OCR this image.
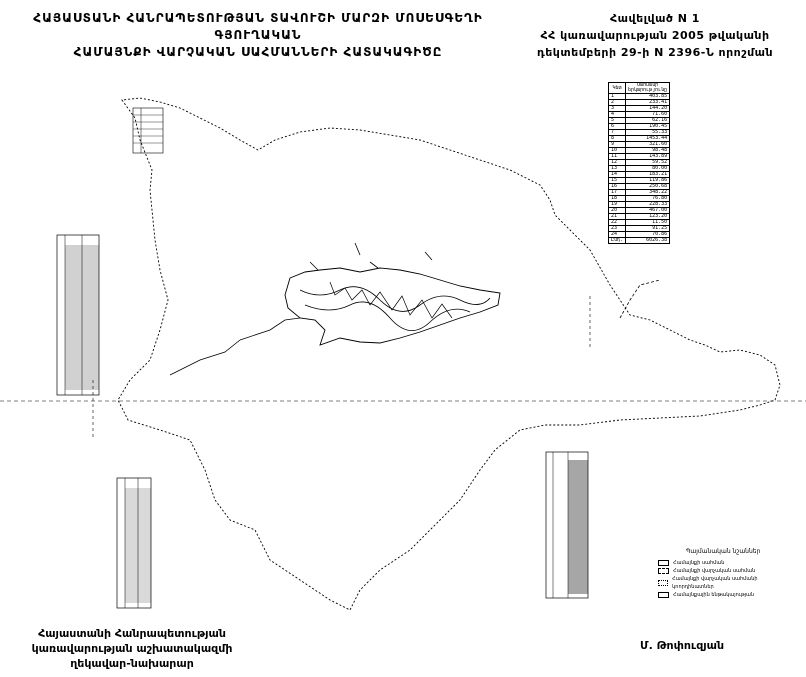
ՀԱՅԱՍՏԱՆԻ ՀԱՆՐԱՊԵՏՈՒԹՅԱՆ ՏԱՎՈՒՇԻ ՄԱՐԶԻ ՄՈՍԵՍԳԵՂԻ ԳՅՈՒՂԱԿԱՆ
ՀԱՄԱՅՆՔԻ ՎԱՐՉԱԿԱՆ ՍԱՀՄԱՆՆԵՐԻ ՀԱՏԱԿԱԳԻԾԸ
Հավելված N 1
ՀՀ կառավարության 2005 թվականի
դեկտեմբերի 29-ի N 2396-Ն որոշման
Կետ	Սահմանի երկարությունը
1	403.85
2	233.41
3	144.20
4	71.60
5	62.16
6	190.45
7	55.33
8	1453.44
9	321.60
10	98.48
11	143.89
12	59.52
13	80.00
14	183.21
15	119.86
16	250.68
17	348.22
18	76.80
19	228.33
20	467.00
21	123.20
22	11.50
23	91.25
24	70.86
Ընդ.	6026.38
Պայմանական նշաններ
Համայնքի սահման
Համայնքի վարչական սահման
Համայնքի վարչական սահմանի կոորդինատներ
Համայնքային ենթակայության
Հայաստանի Հանրապետության
կառավարության աշխատակազմի
ղեկավար-նախարար
Մ. Թոփուզյան
